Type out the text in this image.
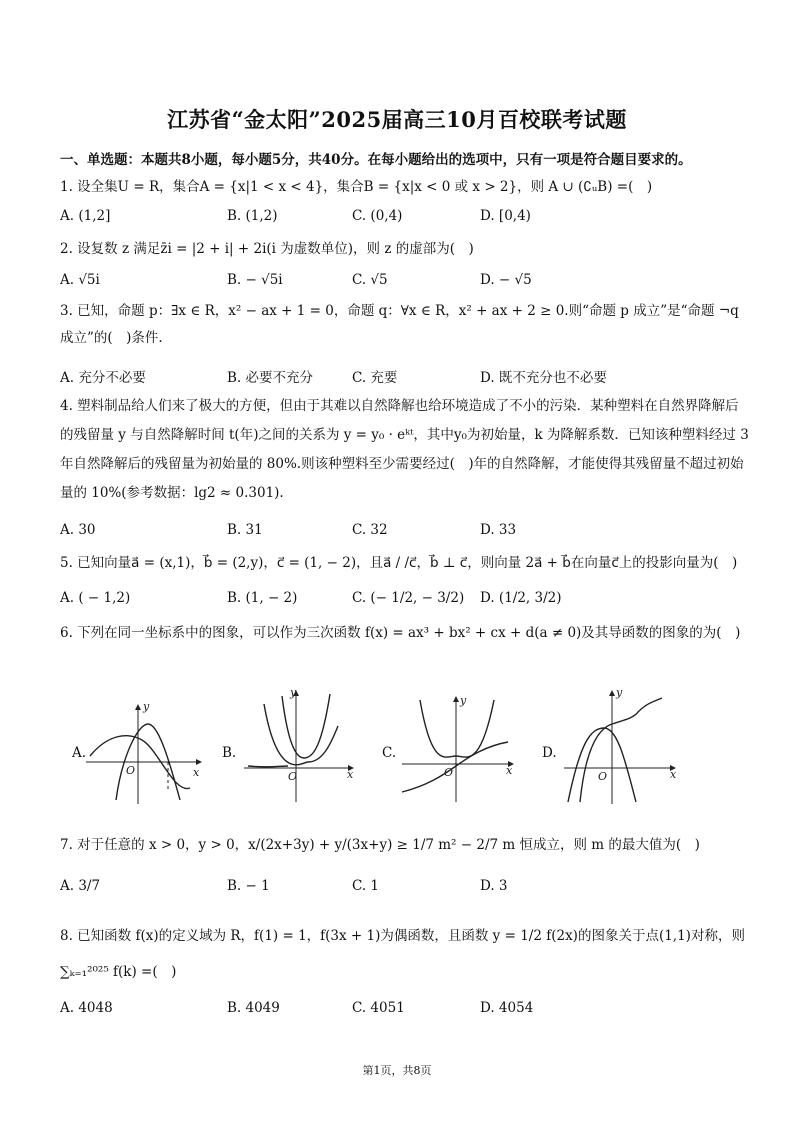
江苏省“金太阳”2025届高三10月百校联考试题
一、单选题：本题共8小题，每小题5分，共40分。在每小题给出的选项中，只有一项是符合题目要求的。
1. 设全集U = R，集合A = {x|1 < x < 4}，集合B = {x|x < 0 或 x > 2}，则 A ∪ (∁ᵤB) =(　)
A. (1,2]	B. (1,2)	C. (0,4)	D. [0,4)
2. 设复数 z 满足z̄i = |2 + i| + 2i(i 为虚数单位)，则 z 的虚部为(　)
A. √5i	B. − √5i	C. √5	D. − √5
3. 已知，命题 p：∃x ∈ R，x² − ax + 1 = 0，命题 q：∀x ∈ R，x² + ax + 2 ≥ 0.则“命题 p 成立”是“命题 ¬q 成立”的(　)条件.
A. 充分不必要	B. 必要不充分	C. 充要	D. 既不充分也不必要
4. 塑料制品给人们来了极大的方便，但由于其难以自然降解也给环境造成了不小的污染．某种塑料在自然界降解后的残留量 y 与自然降解时间 t(年)之间的关系为 y = y₀ · eᵏᵗ，其中y₀为初始量，k 为降解系数．已知该种塑料经过 3 年自然降解后的残留量为初始量的 80%.则该种塑料至少需要经过(　)年的自然降解，才能使得其残留量不超过初始量的 10%(参考数据：lg2 ≈ 0.301).
A. 30	B. 31	C. 32	D. 33
5. 已知向量a⃗ = (x,1)，b⃗ = (2,y)，c⃗ = (1, − 2)，且a⃗ / /c⃗，b⃗ ⊥ c⃗，则向量 2a⃗ + b⃗在向量c⃗上的投影向量为(　)
A. ( − 1,2)	B. (1, − 2)	C. (− 1/2, − 3/2) D. (1/2, 3/2)
6. 下列在同一坐标系中的图象，可以作为三次函数 f(x) = ax³ + bx² + cx + d(a ≠ 0)及其导函数的图象的为(　)
A.
y
x
O
B.
y
x
O
C.
y
x
O
D.
y
x
O
7. 对于任意的 x > 0，y > 0，x/(2x+3y) + y/(3x+y) ≥ 1/7 m² − 2/7 m 恒成立，则 m 的最大值为(　)
A. 3/7	B. − 1	C. 1	D. 3
8. 已知函数 f(x)的定义域为 R，f(1) = 1，f(3x + 1)为偶函数，且函数 y = 1/2 f(2x)的图象关于点(1,1)对称，则∑ₖ₌₁²⁰²⁵ f(k) =(　)
A. 4048	B. 4049	C. 4051	D. 4054
第1页，共8页
